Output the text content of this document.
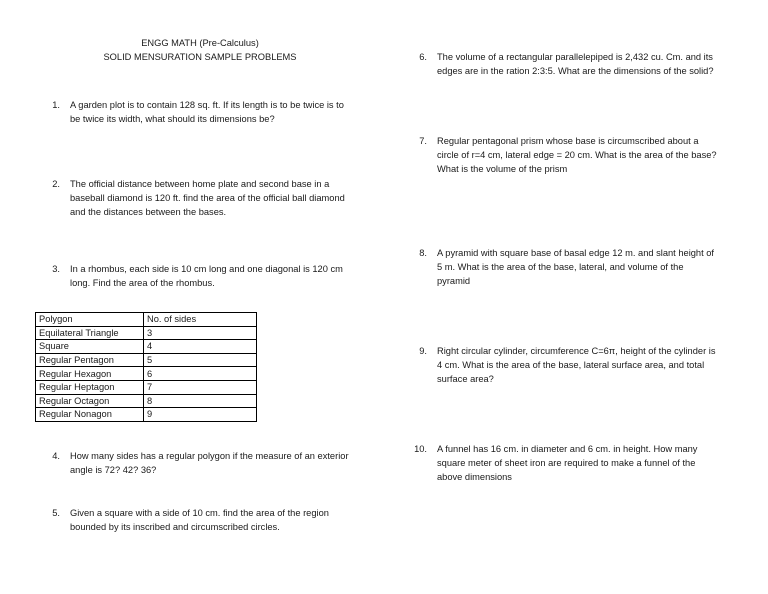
ENGG MATH (Pre-Calculus)
SOLID MENSURATION SAMPLE PROBLEMS
1. A garden plot is to contain 128 sq. ft. If its length is to be twice is to
be twice its width, what should its dimensions be?
2. The official distance between home plate and second base in a
baseball diamond is 120 ft. find the area of the official ball diamond
and the distances between the bases.
3. In a rhombus, each side is 10 cm long and one diagonal is 120 cm
long. Find the area of the rhombus.
Polygon	No. of sides
Equilateral Triangle	3
Square	4
Regular Pentagon	5
Regular Hexagon	6
Regular Heptagon	7
Regular Octagon	8
Regular Nonagon	9
4. How many sides has a regular polygon if the measure of an exterior
angle is 72? 42? 36?
5. Given a square with a side of 10 cm. find the area of the region
bounded by its inscribed and circumscribed circles.
6. The volume of a rectangular parallelepiped is 2,432 cu. Cm. and its
edges are in the ration 2:3:5. What are the dimensions of the solid?
7. Regular pentagonal prism whose base is circumscribed about a
circle of r=4 cm, lateral edge = 20 cm. What is the area of the base?
What is the volume of the prism
8. A pyramid with square base of basal edge 12 m. and slant height of
5 m. What is the area of the base, lateral, and volume of the
pyramid
9. Right circular cylinder, circumference C=6π, height of the cylinder is
4 cm. What is the area of the base, lateral surface area, and total
surface area?
10. A funnel has 16 cm. in diameter and 6 cm. in height. How many
square meter of sheet iron are required to make a funnel of the
above dimensions
